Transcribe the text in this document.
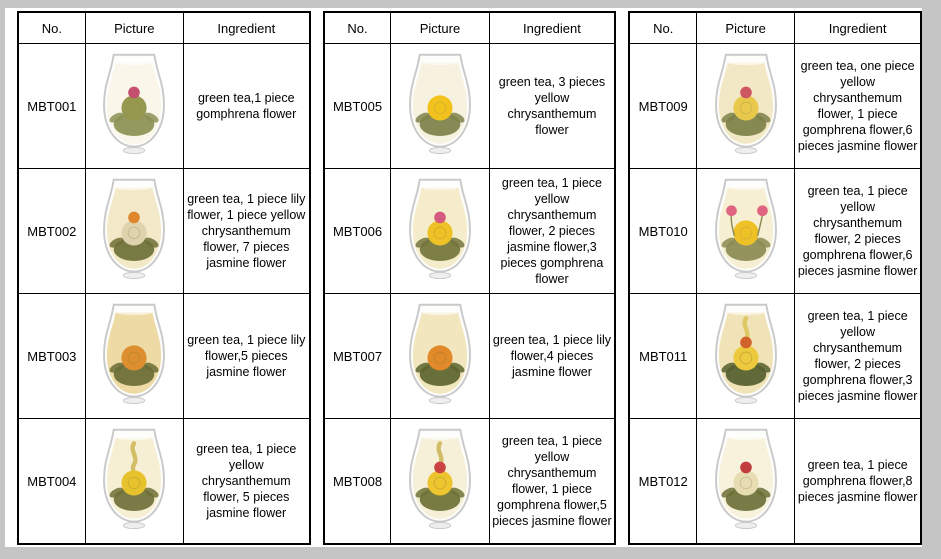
No.	Picture	Ingredient
MBT001		green tea,1 piece gomphrena flower
MBT002		green tea, 1 piece lily flower, 1 piece yellow chrysanthemum flower, 7 pieces jasmine flower
MBT003		green tea, 1 piece lily flower,5 pieces jasmine flower
MBT004		green tea, 1 piece yellow chrysanthemum flower, 5 pieces jasmine flower
No.	Picture	Ingredient
MBT005		green tea, 3 pieces yellow chrysanthemum flower
MBT006		green tea, 1 piece yellow chrysanthemum flower, 2 pieces jasmine flower,3 pieces gomphrena flower
MBT007		green tea, 1 piece lily flower,4 pieces jasmine flower
MBT008		green tea, 1 piece yellow chrysanthemum flower, 1 piece gomphrena flower,5 pieces jasmine flower
No.	Picture	Ingredient
MBT009		green tea, one piece yellow chrysanthemum flower, 1 piece gomphrena flower,6 pieces jasmine flower
MBT010		green tea, 1 piece yellow chrysanthemum flower, 2 pieces gomphrena flower,6 pieces jasmine flower
MBT011		green tea, 1 piece yellow chrysanthemum flower, 2 pieces gomphrena flower,3 pieces jasmine flower
MBT012		green tea, 1 piece gomphrena flower,8 pieces jasmine flower
